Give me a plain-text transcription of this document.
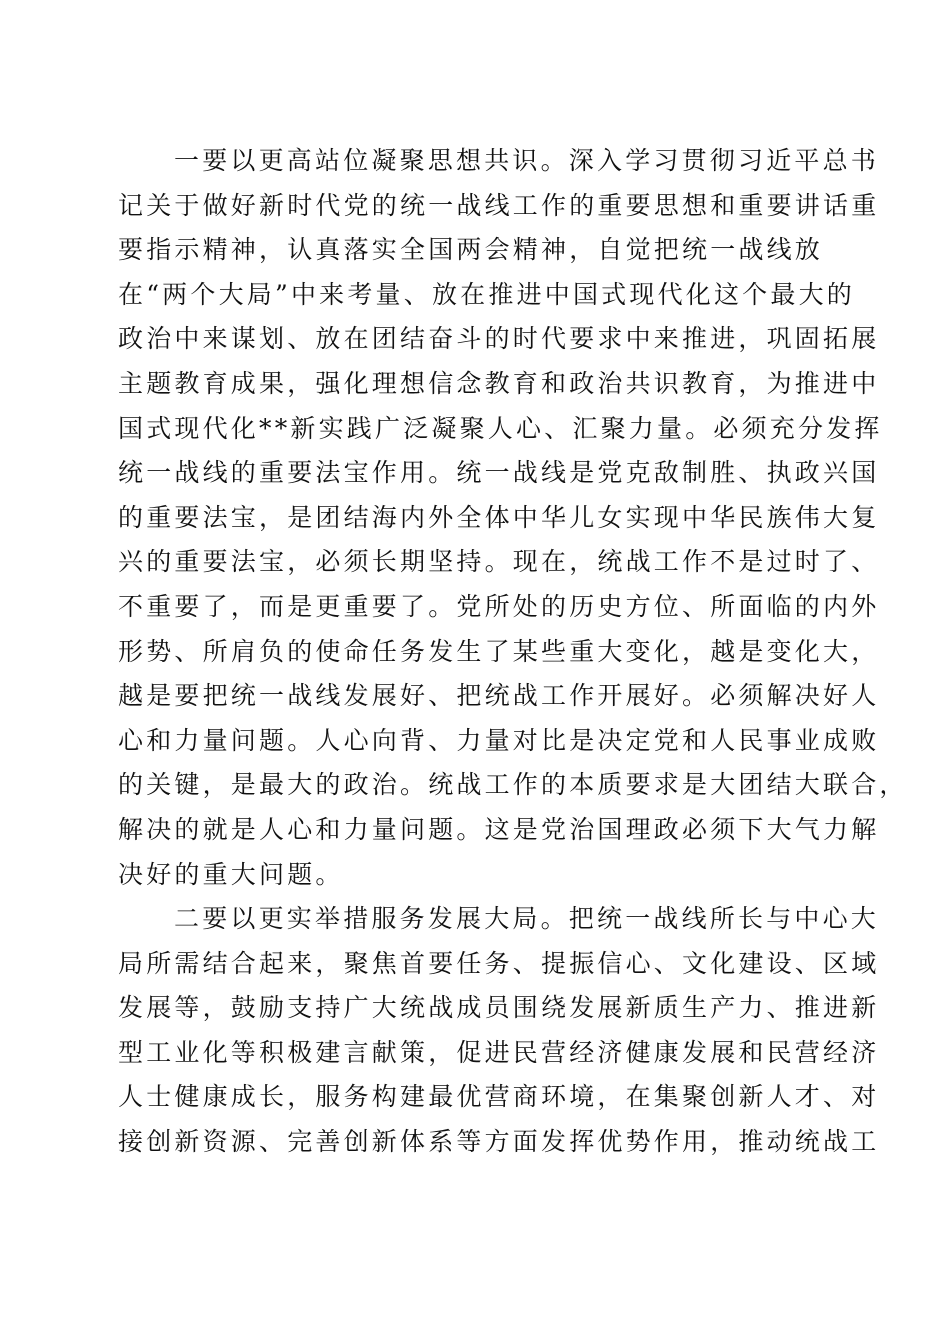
一要以更高站位凝聚思想共识。深入学习贯彻习近平总书
记关于做好新时代党的统一战线工作的重要思想和重要讲话重
要指示精神，认真落实全国两会精神，自觉把统一战线放
在“两个大局”中来考量、放在推进中国式现代化这个最大的
政治中来谋划、放在团结奋斗的时代要求中来推进，巩固拓展
主题教育成果，强化理想信念教育和政治共识教育，为推进中
国式现代化**新实践广泛凝聚人心、汇聚力量。必须充分发挥
统一战线的重要法宝作用。统一战线是党克敌制胜、执政兴国
的重要法宝，是团结海内外全体中华儿女实现中华民族伟大复
兴的重要法宝，必须长期坚持。现在，统战工作不是过时了、
不重要了，而是更重要了。党所处的历史方位、所面临的内外
形势、所肩负的使命任务发生了某些重大变化，越是变化大，
越是要把统一战线发展好、把统战工作开展好。必须解决好人
心和力量问题。人心向背、力量对比是决定党和人民事业成败
的关键，是最大的政治。统战工作的本质要求是大团结大联合，
解决的就是人心和力量问题。这是党治国理政必须下大气力解
决好的重大问题。
二要以更实举措服务发展大局。把统一战线所长与中心大
局所需结合起来，聚焦首要任务、提振信心、文化建设、区域
发展等，鼓励支持广大统战成员围绕发展新质生产力、推进新
型工业化等积极建言献策，促进民营经济健康发展和民营经济
人士健康成长，服务构建最优营商环境，在集聚创新人才、对
接创新资源、完善创新体系等方面发挥优势作用，推动统战工
